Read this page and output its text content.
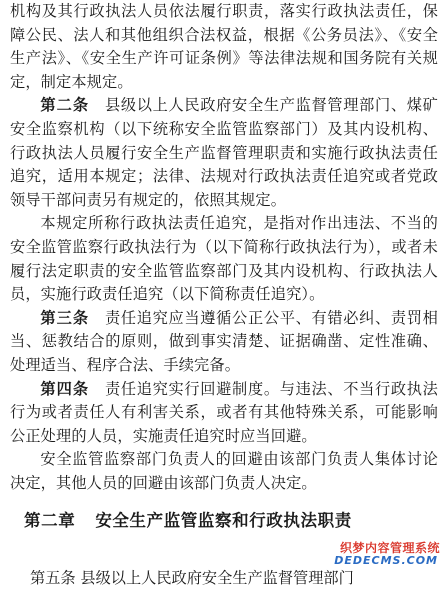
机构及其行政执法人员依法履行职责，落实行政执法责任，保障公民、法人和其他组织合法权益，根据《公务员法》、《安全生产法》、《安全生产许可证条例》等法律法规和国务院有关规定，制定本规定。

第二条　 县级以上人民政府安全生产监督管理部门、煤矿安全监察机构（以下统称安全监管监察部门）及其内设机构、行政执法人员履行安全生产监督管理职责和实施行政执法责任追究，适用本规定；法律、法规对行政执法责任追究或者党政领导干部问责另有规定的，依照其规定。

本规定所称行政执法责任追究，是指对作出违法、不当的安全监管监察行政执法行为（以下简称行政执法行为），或者未履行法定职责的安全监管监察部门及其内设机构、行政执法人员，实施行政责任追究（以下简称责任追究）。

第三条　 责任追究应当遵循公正公平、有错必纠、责罚相当、惩教结合的原则，做到事实清楚、证据确凿、定性准确、处理适当、程序合法、手续完备。

第四条　 责任追究实行回避制度。与违法、不当行政执法行为或者责任人有利害关系，或者有其他特殊关系，可能影响公正处理的人员，实施责任追究时应当回避。

安全监管监察部门负责人的回避由该部门负责人集体讨论决定，其他人员的回避由该部门负责人决定。

第二章 安全生产监管监察和行政执法职责
第五条 县级以上人民政府安全生产监督管理部门
织梦内容管理系统
DEDECMS.COM
